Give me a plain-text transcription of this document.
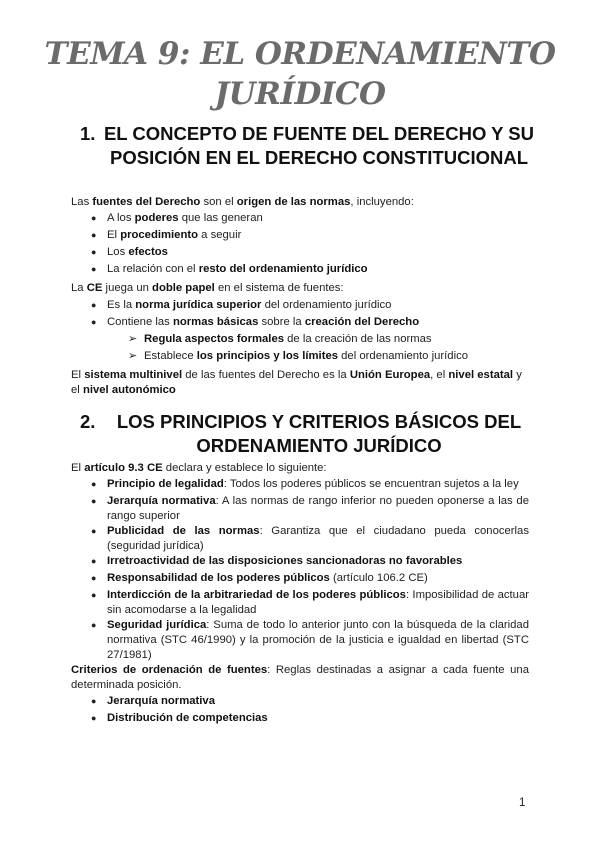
TEMA 9: EL ORDENAMIENTO JURÍDICO
1. EL CONCEPTO DE FUENTE DEL DERECHO Y SU POSICIÓN EN EL DERECHO CONSTITUCIONAL
Las fuentes del Derecho son el origen de las normas, incluyendo:
● A los poderes que las generan
● El procedimiento a seguir
● Los efectos
● La relación con el resto del ordenamiento jurídico
La CE juega un doble papel en el sistema de fuentes:
● Es la norma jurídica superior del ordenamiento jurídico
● Contiene las normas básicas sobre la creación del Derecho
➢ Regula aspectos formales de la creación de las normas
➢ Establece los principios y los límites del ordenamiento jurídico
El sistema multinivel de las fuentes del Derecho es la Unión Europea, el nivel estatal y el nivel autonómico
2.	LOS PRINCIPIOS Y CRITERIOS BÁSICOS DEL ORDENAMIENTO JURÍDICO
El artículo 9.3 CE declara y establece lo siguiente:
● Principio de legalidad: Todos los poderes públicos se encuentran sujetos a la ley
● Jerarquía normativa: A las normas de rango inferior no pueden oponerse a las de rango superior
● Publicidad de las normas: Garantiza que el ciudadano pueda conocerlas (seguridad jurídica)
● Irretroactividad de las disposiciones sancionadoras no favorables
● Responsabilidad de los poderes públicos (artículo 106.2 CE)
● Interdicción de la arbitrariedad de los poderes públicos: Imposibilidad de actuar sin acomodarse a la legalidad
● Seguridad jurídica: Suma de todo lo anterior junto con la búsqueda de la claridad normativa (STC 46/1990) y la promoción de la justicia e igualdad en libertad (STC 27/1981)
Criterios de ordenación de fuentes: Reglas destinadas a asignar a cada fuente una determinada posición.
● Jerarquía normativa
● Distribución de competencias
1
